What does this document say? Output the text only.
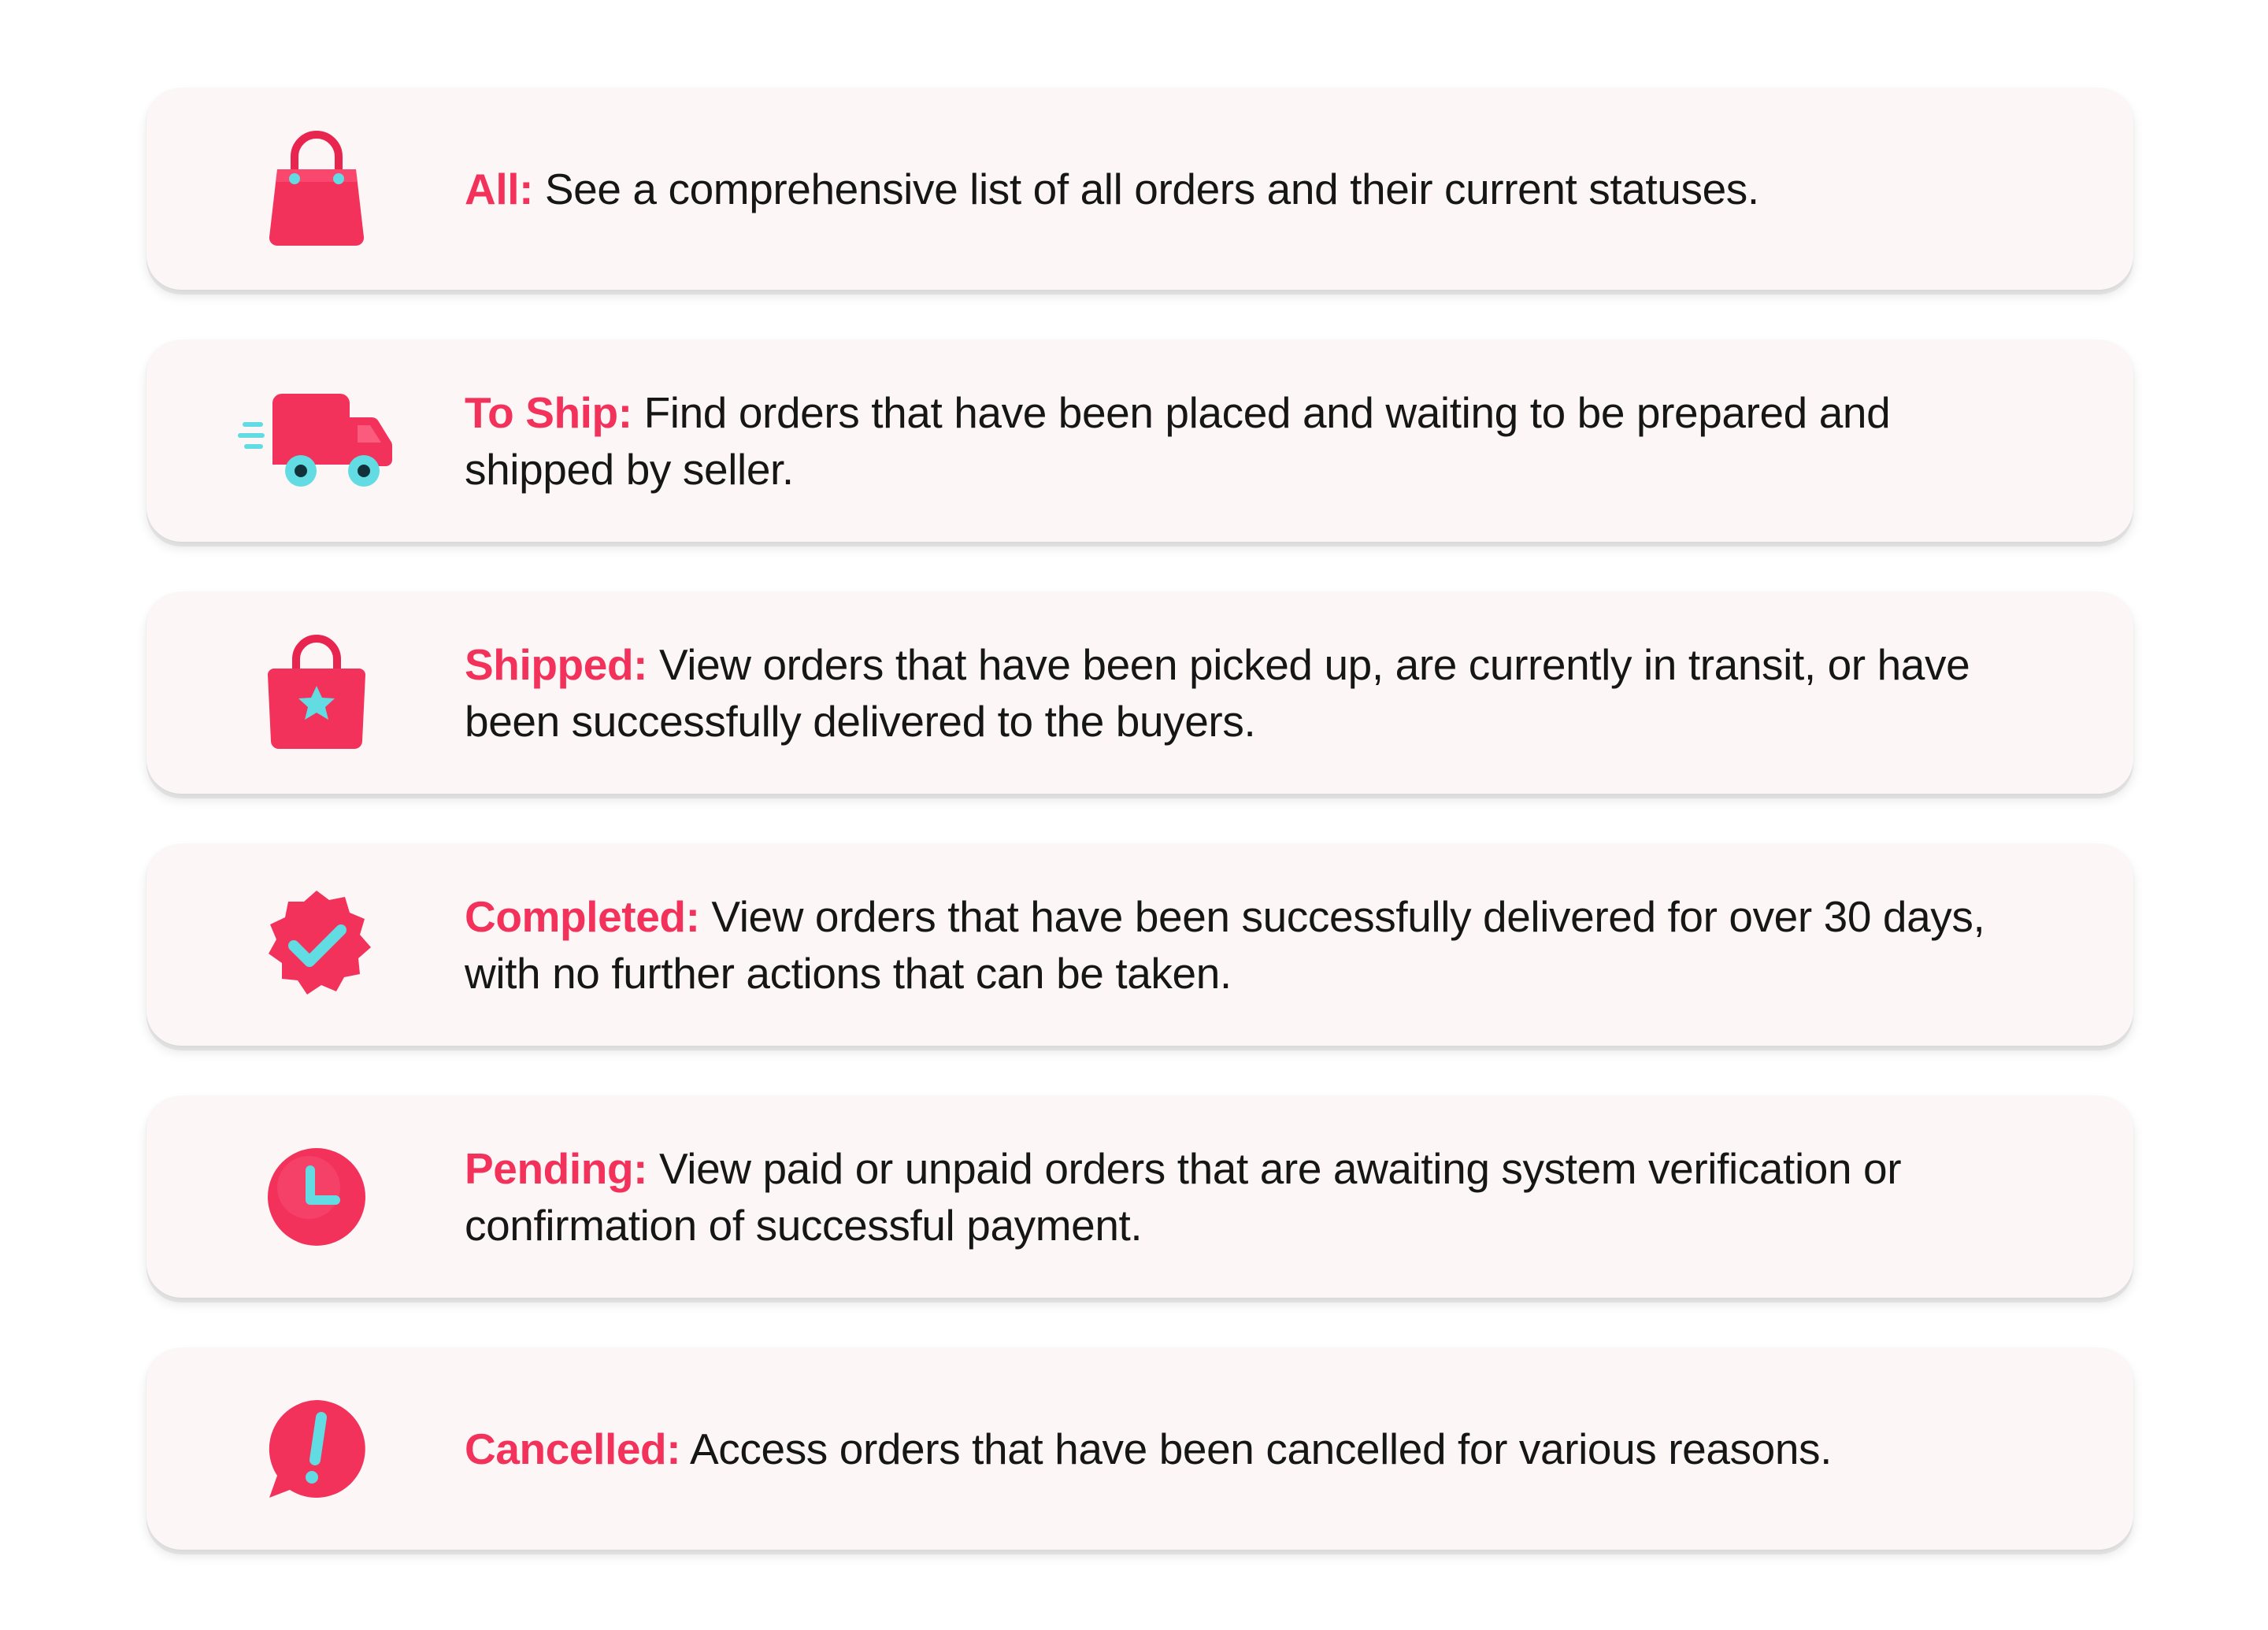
All: See a comprehensive list of all orders and their current statuses.
To Ship: Find orders that have been placed and waiting to be prepared and shipped by seller.
Shipped: View orders that have been picked up, are currently in transit, or have been successfully delivered to the buyers.
Completed: View orders that have been successfully delivered for over 30 days, with no further actions that can be taken.
Pending: View paid or unpaid orders that are awaiting system verification or confirmation of successful payment.
Cancelled: Access orders that have been cancelled for various reasons.
